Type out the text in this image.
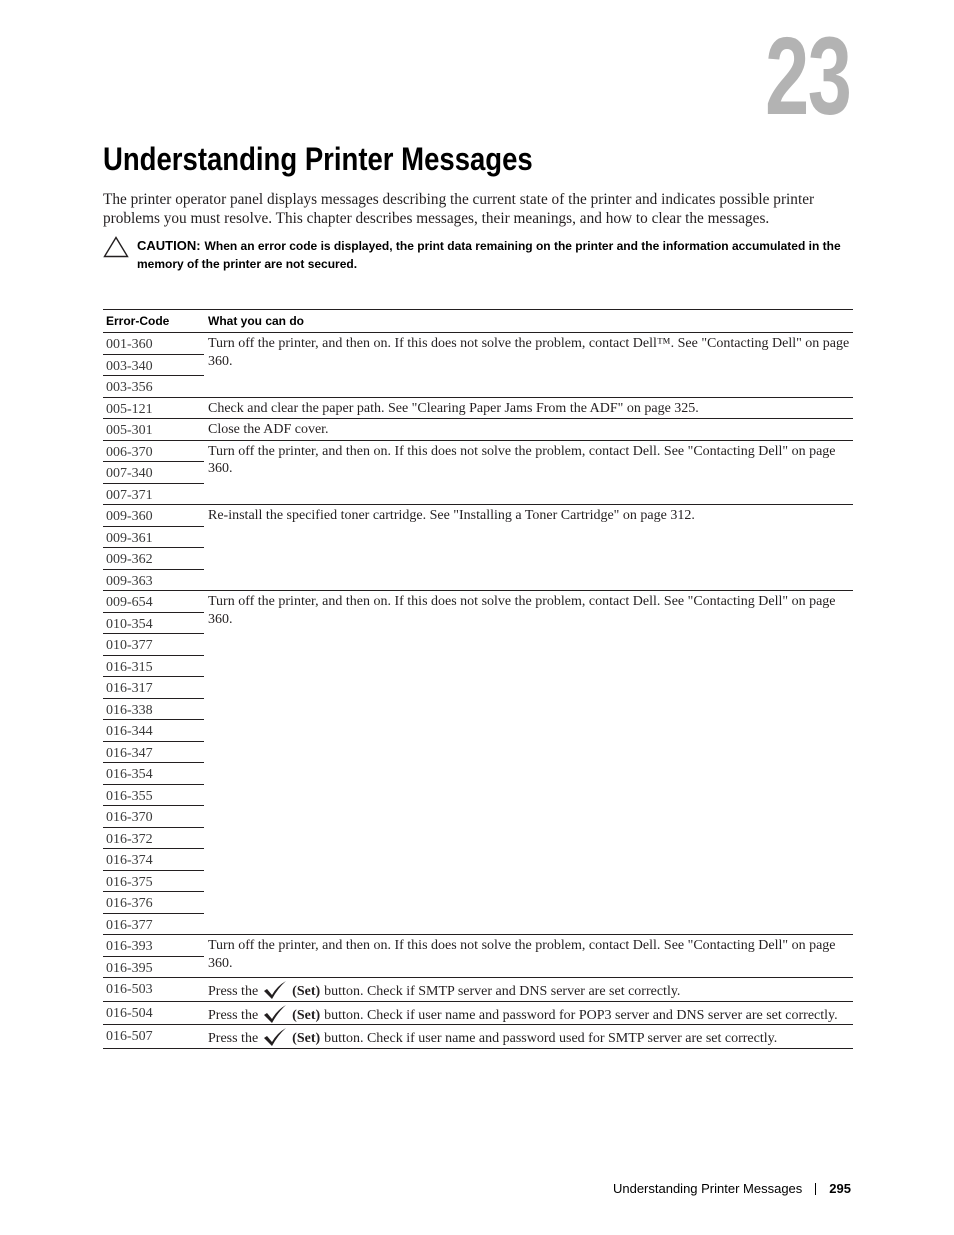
23
Understanding Printer Messages

The printer operator panel displays messages describing the current state of the printer and indicates possible printer problems you must resolve. This chapter describes messages, their meanings, and how to clear the messages.

CAUTION: When an error code is displayed, the print data remaining on the printer and the information accumulated in the memory of the printer are not secured.

Error-Code	What you can do
001-360	Turn off the printer, and then on. If this does not solve the problem, contact Dell™. See "Contacting Dell" on page 360.
003-340	
003-356	
005-121	Check and clear the paper path. See "Clearing Paper Jams From the ADF" on page 325.
005-301	Close the ADF cover.
006-370	Turn off the printer, and then on. If this does not solve the problem, contact Dell. See "Contacting Dell" on page 360.
007-340	
007-371	
009-360	Re-install the specified toner cartridge. See "Installing a Toner Cartridge" on page 312.
009-361	
009-362	
009-363	
009-654	Turn off the printer, and then on. If this does not solve the problem, contact Dell. See "Contacting Dell" on page 360.
010-354	
010-377	
016-315	
016-317	
016-338	
016-344	
016-347	
016-354	
016-355	
016-370	
016-372	
016-374	
016-375	
016-376	
016-377	
016-393	Turn off the printer, and then on. If this does not solve the problem, contact Dell. See "Contacting Dell" on page 360.
016-395	
016-503	Press the (Set) button. Check if SMTP server and DNS server are set correctly.
016-504	Press the (Set) button. Check if user name and password for POP3 server and DNS server are set correctly.
016-507	Press the (Set) button. Check if user name and password used for SMTP server are set correctly.
Understanding Printer Messages 295
